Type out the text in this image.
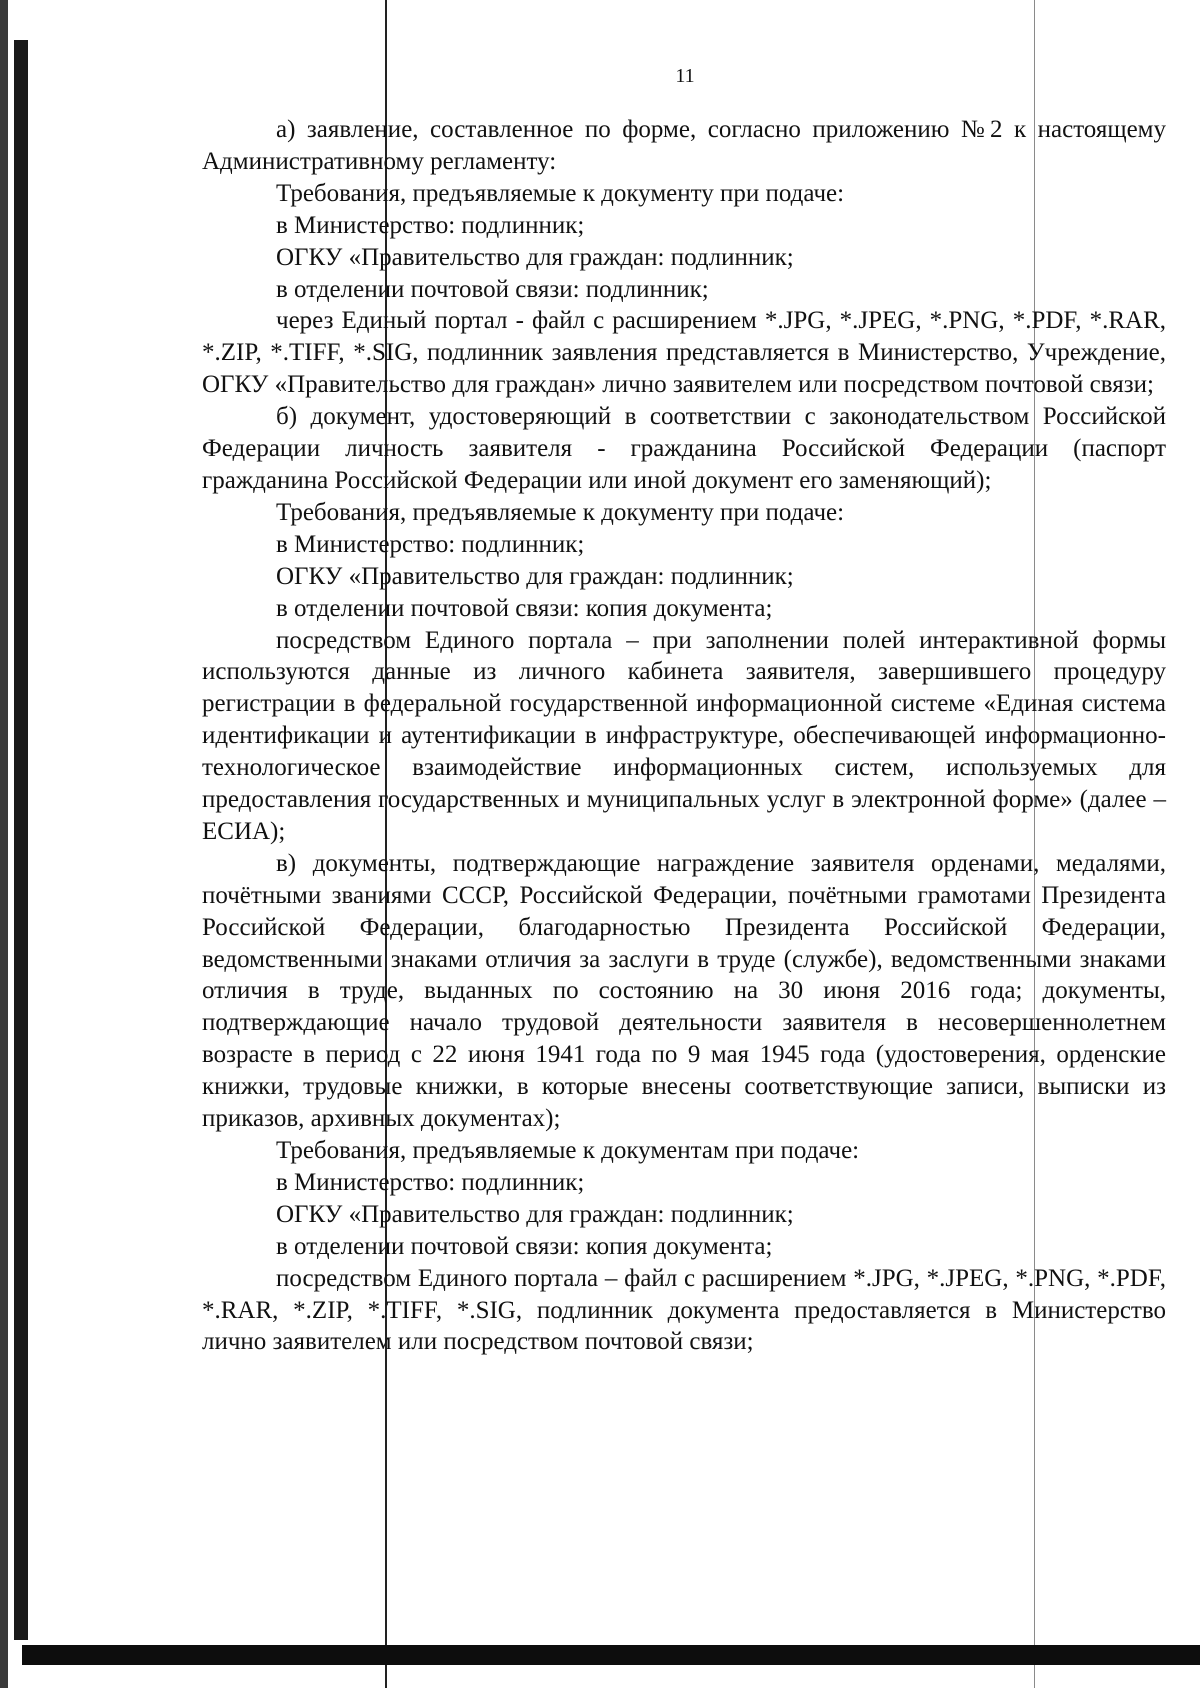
11

а) заявление, составленное по форме, согласно приложению №2 к настоящему Административному регламенту:

Требования, предъявляемые к документу при подаче:

в Министерство: подлинник;

ОГКУ «Правительство для граждан: подлинник;

в отделении почтовой связи: подлинник;

через Единый портал - файл с расширением *.JPG, *.JPEG, *.PNG, *.PDF, *.RAR, *.ZIP, *.TIFF, *.SIG, подлинник заявления представляется в Министерство, Учреждение, ОГКУ «Правительство для граждан» лично заявителем или посредством почтовой связи;

б) документ, удостоверяющий в соответствии с законодательством Российской Федерации личность заявителя - гражданина Российской Федерации (паспорт гражданина Российской Федерации или иной документ его заменяющий);

Требования, предъявляемые к документу при подаче:

в Министерство: подлинник;

ОГКУ «Правительство для граждан: подлинник;

в отделении почтовой связи: копия документа;

посредством Единого портала – при заполнении полей интерактивной формы используются данные из личного кабинета заявителя, завершившего процедуру регистрации в федеральной государственной информационной системе «Единая система идентификации и аутентификации в инфраструктуре, обеспечивающей информационно-технологическое взаимодействие информационных систем, используемых для предоставления государственных и муниципальных услуг в электронной форме» (далее – ЕСИА);

в) документы, подтверждающие награждение заявителя орденами, медалями, почётными званиями СССР, Российской Федерации, почётными грамотами Президента Российской Федерации, благодарностью Президента Российской Федерации, ведомственными знаками отличия за заслуги в труде (службе), ведомственными знаками отличия в труде, выданных по состоянию на 30 июня 2016 года; документы, подтверждающие начало трудовой деятельности заявителя в несовершеннолетнем возрасте в период с 22 июня 1941 года по 9 мая 1945 года (удостоверения, орденские книжки, трудовые книжки, в которые внесены соответствующие записи, выписки из приказов, архивных документах);

Требования, предъявляемые к документам при подаче:

в Министерство: подлинник;

ОГКУ «Правительство для граждан: подлинник;

в отделении почтовой связи: копия документа;

посредством Единого портала – файл с расширением *.JPG, *.JPEG, *.PNG, *.PDF, *.RAR, *.ZIP, *.TIFF, *.SIG, подлинник документа предоставляется в Министерство лично заявителем или посредством почтовой связи;
